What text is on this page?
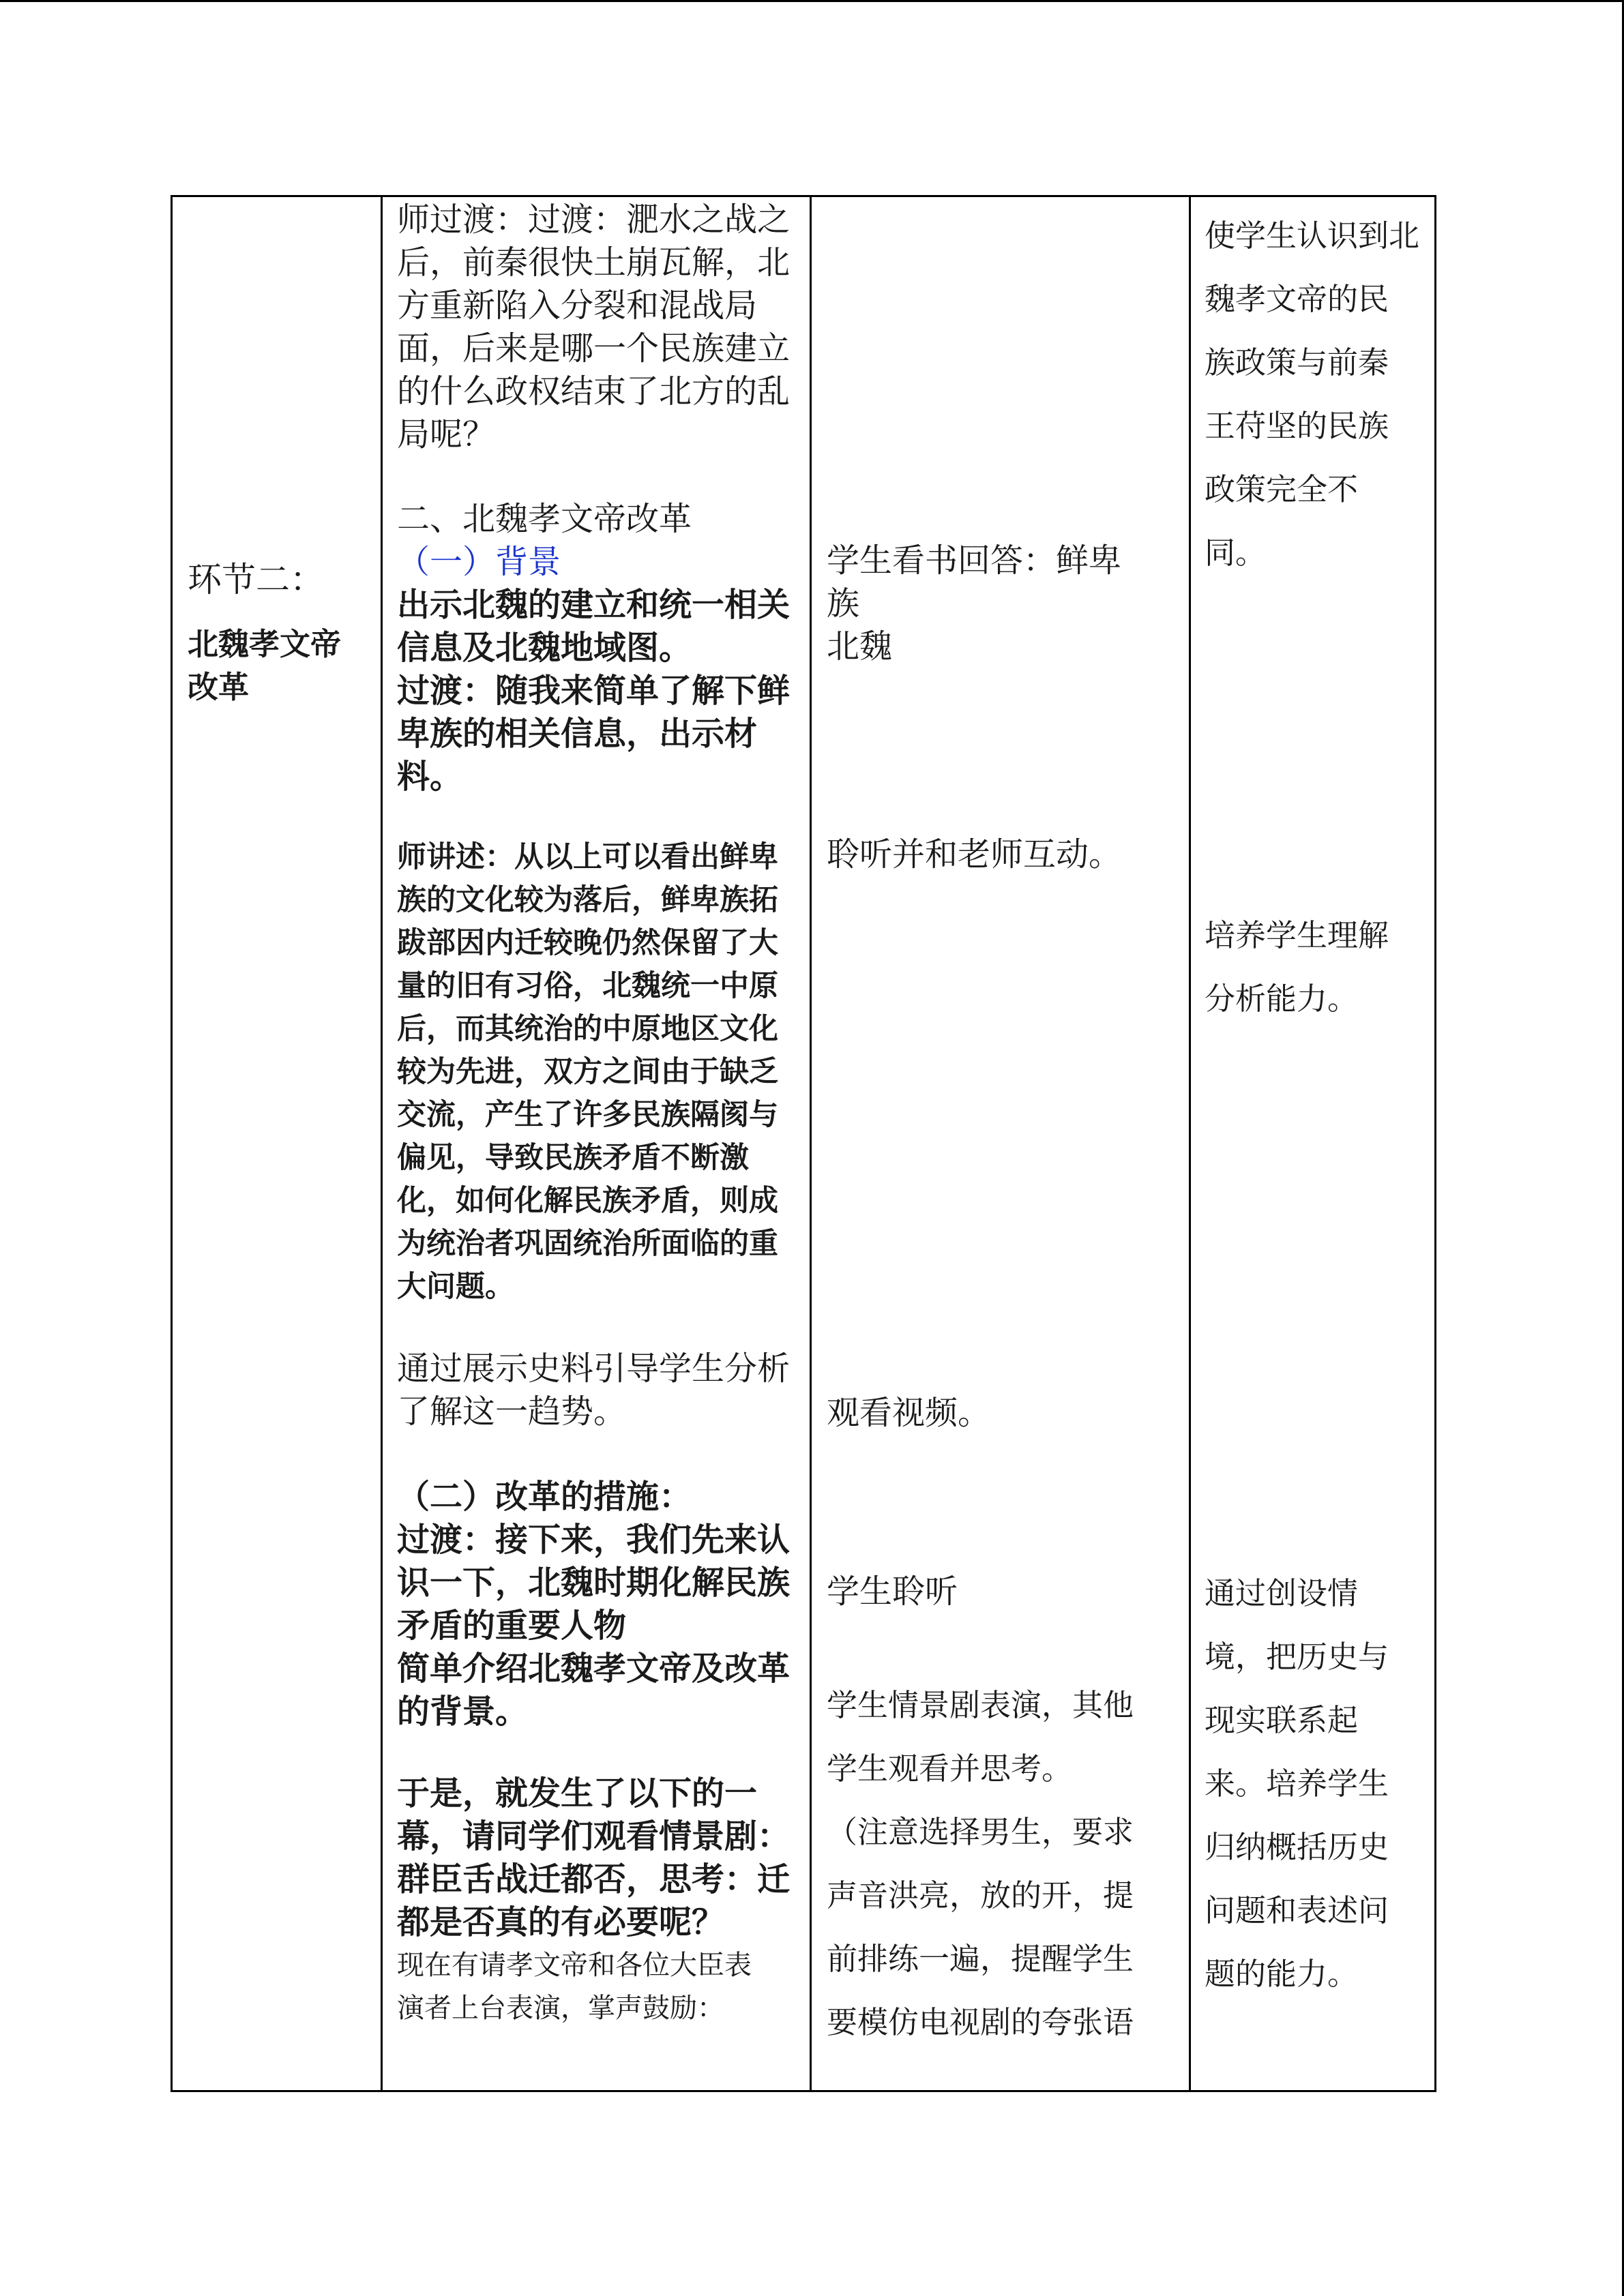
环节二：

北魏孝文帝
改革

师过渡：过渡：淝水之战之
后，前秦很快土崩瓦解，北
方重新陷入分裂和混战局
面，后来是哪一个民族建立
的什么政权结束了北方的乱
局呢？

二、北魏孝文帝改革

（一）背景

出示北魏的建立和统一相关
信息及北魏地域图。
过渡：随我来简单了解下鲜
卑族的相关信息，出示材
料。

师讲述：从以上可以看出鲜卑
族的文化较为落后，鲜卑族拓
跋部因内迁较晚仍然保留了大
量的旧有习俗，北魏统一中原
后，而其统治的中原地区文化
较为先进，双方之间由于缺乏
交流，产生了许多民族隔阂与
偏见，导致民族矛盾不断激
化，如何化解民族矛盾，则成
为统治者巩固统治所面临的重
大问题。

通过展示史料引导学生分析
了解这一趋势。

（二）改革的措施：
过渡：接下来，我们先来认
识一下，北魏时期化解民族
矛盾的重要人物
简单介绍北魏孝文帝及改革
的背景。

于是，就发生了以下的一
幕，请同学们观看情景剧：
群臣舌战迁都否，思考：迁
都是否真的有必要呢？

现在有请孝文帝和各位大臣表
演者上台表演，掌声鼓励：

学生看书回答：鲜卑
族
北魏

聆听并和老师互动。

观看视频。

学生聆听

学生情景剧表演，其他
学生观看并思考。
（注意选择男生，要求
声音洪亮，放的开，提
前排练一遍，提醒学生
要模仿电视剧的夸张语

使学生认识到北
魏孝文帝的民
族政策与前秦
王苻坚的民族
政策完全不
同。

培养学生理解
分析能力。

通过创设情
境，把历史与
现实联系起
来。培养学生
归纳概括历史
问题和表述问
题的能力。
